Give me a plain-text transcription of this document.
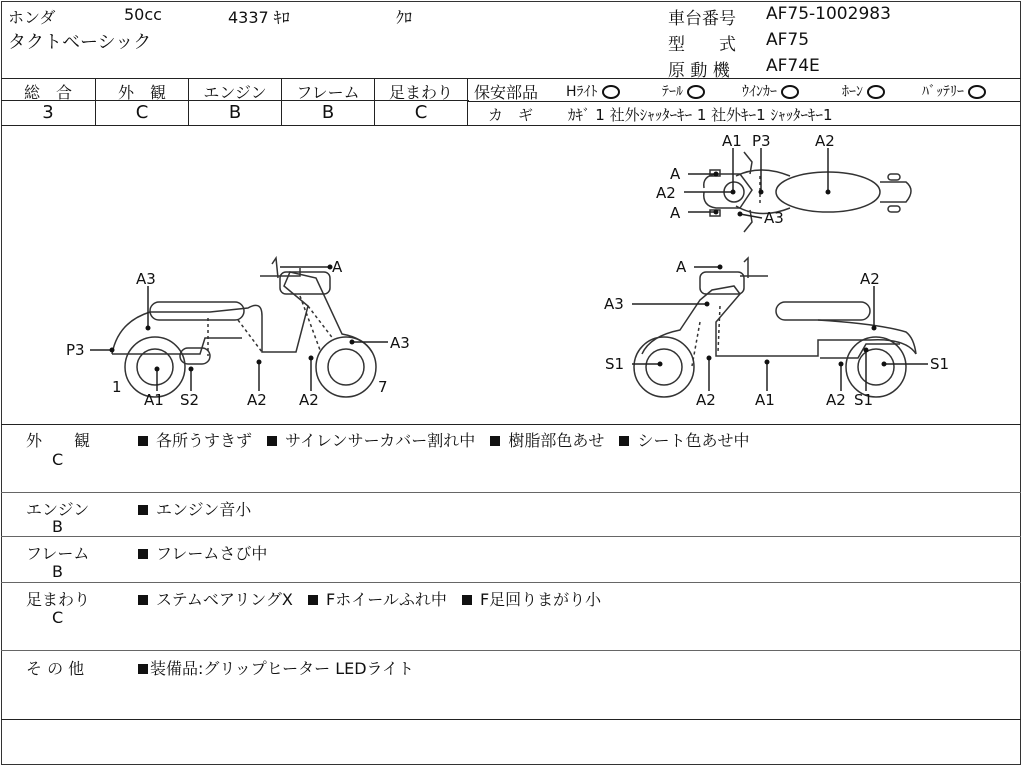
ホンダ	50cc	4337 ｷﾛ	ｸﾛ
タクトベーシック
車台番号 AF75-1002983
型　　式 AF75
原 動 機 AF74E
総　合	外　観	エンジン	フレーム	足まわり
3	C	B	B	C
保安部品 Hﾗｲﾄ	ﾃｰﾙ	ｳｲﾝｶｰ	ﾎｰﾝ	ﾊﾞｯﾃﾘｰ
カ　ギ ｶｷﾞ 1 社外ｼｬｯﾀｰｷｰ 1 社外ｷｰ1 ｼｬｯﾀｰｷｰ1
A3
A
P3	A3
1
A1 S2	A2 A2
7
A
A3
A2
S1
A2	A1	A2 S1
S1
A1 P3	A2
A
A2
A	A3
外　　観
C
各所うすきず サイレンサーカバー割れ中 樹脂部色あせ シート色あせ中
エンジン
B
エンジン音小
フレーム
B
フレームさび中
足まわり
C
ステムベアリングX Fホイールふれ中 F足回りまがり小
そ の 他	装備品:グリップヒーター LEDライト
